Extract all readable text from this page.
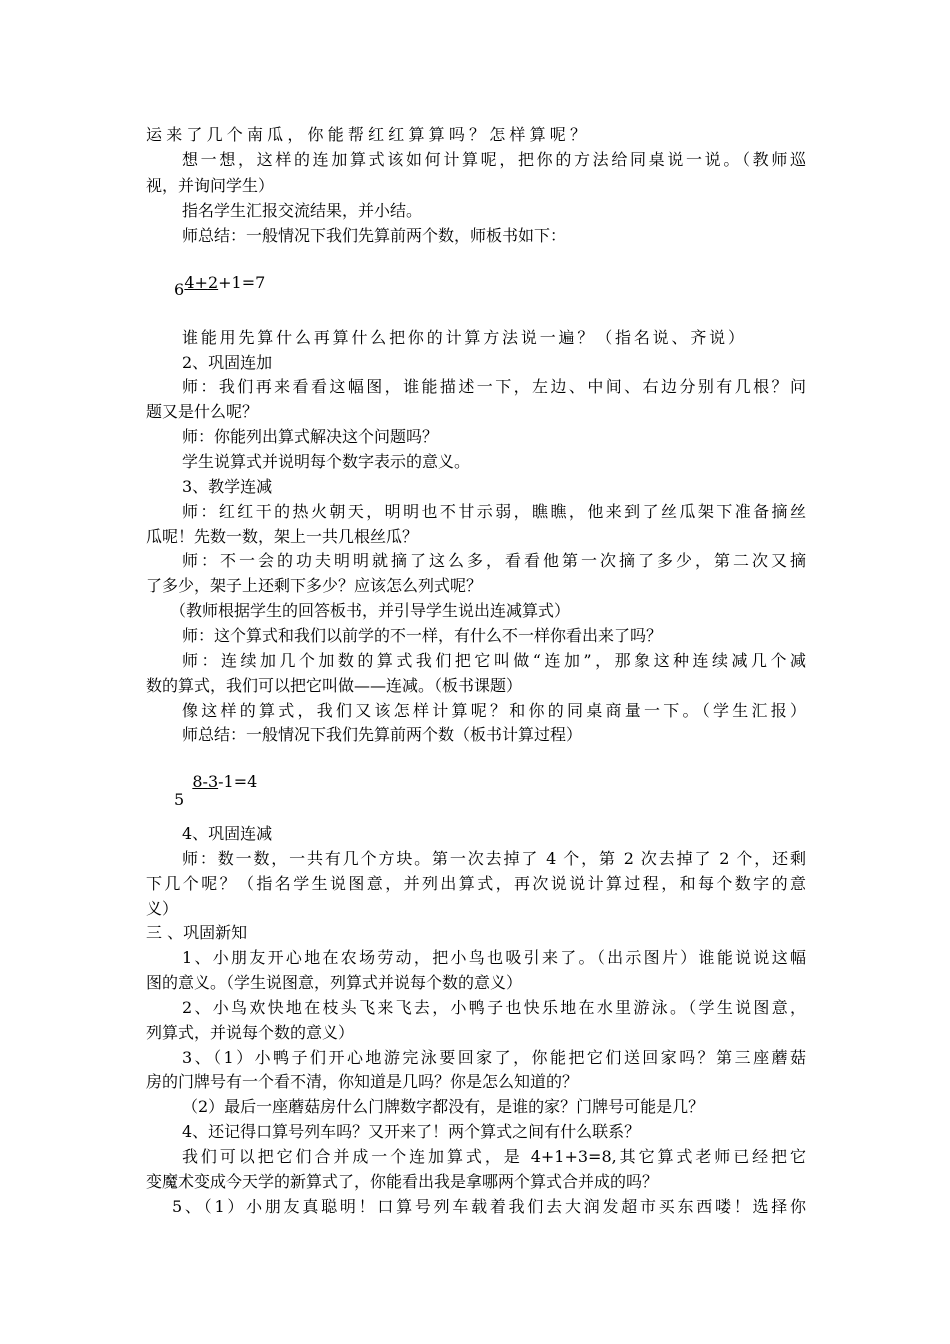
运来了几个南瓜，你能帮红红算算吗？怎样算呢？
想一想，这样的连加算式该如何计算呢，把你的方法给同桌说一说。（教师巡
视，并询问学生）
指名学生汇报交流结果，并小结。
师总结：一般情况下我们先算前两个数，师板书如下：

4+2+1=7

6
谁能用先算什么再算什么把你的计算方法说一遍？（指名说、齐说）
2、巩固连加
师：我们再来看看这幅图，谁能描述一下，左边、中间、右边分别有几根？问
题又是什么呢？
师：你能列出算式解决这个问题吗？
学生说算式并说明每个数字表示的意义。
3、教学连减
师：红红干的热火朝天，明明也不甘示弱，瞧瞧，他来到了丝瓜架下准备摘丝
瓜呢！先数一数，架上一共几根丝瓜？
师：不一会的功夫明明就摘了这么多，看看他第一次摘了多少，第二次又摘
了多少，架子上还剩下多少？应该怎么列式呢？
（教师根据学生的回答板书，并引导学生说出连减算式）
师：这个算式和我们以前学的不一样，有什么不一样你看出来了吗？
师：连续加几个加数的算式我们把它叫做“连加”，那象这种连续减几个减
数的算式，我们可以把它叫做——连减。（板书课题）
像这样的算式，我们又该怎样计算呢？和你的同桌商量一下。（学生汇报）
师总结：一般情况下我们先算前两个数（板书计算过程）

8-3-1=4

5
4、巩固连减
师：数一数，一共有几个方块。第一次去掉了 4 个，第 2 次去掉了 2 个，还剩
下几个呢？（指名学生说图意，并列出算式，再次说说计算过程，和每个数字的意
义）
三 、巩固新知
1、小朋友开心地在农场劳动，把小鸟也吸引来了。（出示图片）谁能说说这幅
图的意义。（学生说图意，列算式并说每个数的意义）
2、小鸟欢快地在枝头飞来飞去，小鸭子也快乐地在水里游泳。（学生说图意，
列算式，并说每个数的意义）
3、（1）小鸭子们开心地游完泳要回家了，你能把它们送回家吗？第三座蘑菇
房的门牌号有一个看不清，你知道是几吗？你是怎么知道的？
（2）最后一座蘑菇房什么门牌数字都没有，是谁的家？门牌号可能是几？
4、还记得口算号列车吗？又开来了！两个算式之间有什么联系？
我们可以把它们合并成一个连加算式，是 4+1+3=8,其它算式老师已经把它
变魔术变成今天学的新算式了，你能看出我是拿哪两个算式合并成的吗？
5、（1）小朋友真聪明！口算号列车载着我们去大润发超市买东西喽！选择你
